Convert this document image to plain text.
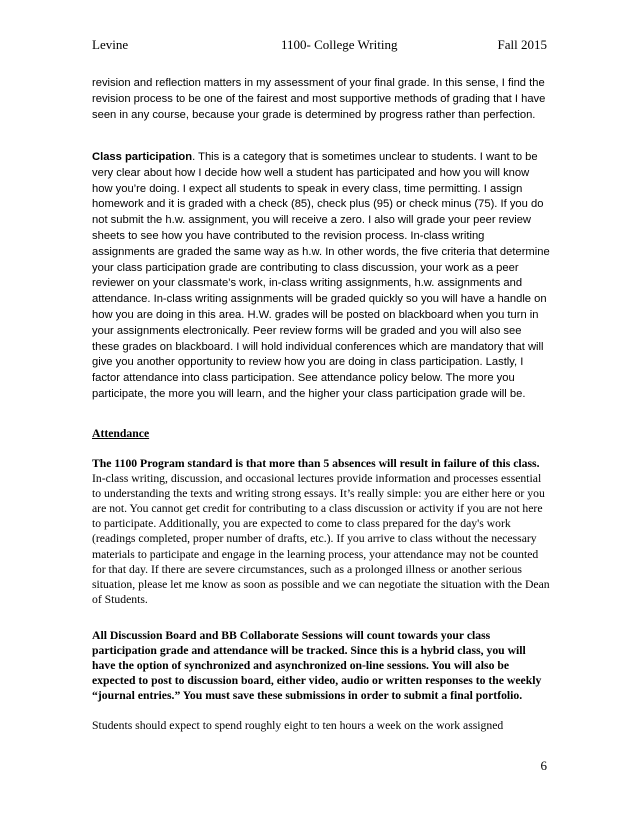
Levine	1100- College Writing	Fall 2015

revision and reflection matters in my assessment of your final grade. In this sense, I find the revision process to be one of the fairest and most supportive methods of grading that I have seen in any course, because your grade is determined by progress rather than perfection.

Class participation. This is a category that is sometimes unclear to students. I want to be very clear about how I decide how well a student has participated and how you will know how you’re doing. I expect all students to speak in every class, time permitting. I assign homework and it is graded with a check (85), check plus (95) or check minus (75). If you do not submit the h.w. assignment, you will receive a zero. I also will grade your peer review sheets to see how you have contributed to the revision process. In-class writing assignments are graded the same way as h.w. In other words, the five criteria that determine your class participation grade are contributing to class discussion, your work as a peer reviewer on your classmate’s work, in-class writing assignments, h.w. assignments and attendance. In-class writing assignments will be graded quickly so you will have a handle on how you are doing in this area. H.W. grades will be posted on blackboard when you turn in your assignments electronically. Peer review forms will be graded and you will also see these grades on blackboard. I will hold individual conferences which are mandatory that will give you another opportunity to review how you are doing in class participation. Lastly, I factor attendance into class participation. See attendance policy below. The more you participate, the more you will learn, and the higher your class participation grade will be.

Attendance

The 1100 Program standard is that more than 5 absences will result in failure of this class. In-class writing, discussion, and occasional lectures provide information and processes essential to understanding the texts and writing strong essays. It’s really simple: you are either here or you are not. You cannot get credit for contributing to a class discussion or activity if you are not here to participate. Additionally, you are expected to come to class prepared for the day's work (readings completed, proper number of drafts, etc.). If you arrive to class without the necessary materials to participate and engage in the learning process, your attendance may not be counted for that day. If there are severe circumstances, such as a prolonged illness or another serious situation, please let me know as soon as possible and we can negotiate the situation with the Dean of Students.

All Discussion Board and BB Collaborate Sessions will count towards your class participation grade and attendance will be tracked. Since this is a hybrid class, you will have the option of synchronized and asynchronized on-line sessions. You will also be expected to post to discussion board, either video, audio or written responses to the weekly “journal entries.” You must save these submissions in order to submit a final portfolio.

Students should expect to spend roughly eight to ten hours a week on the work assigned

6
